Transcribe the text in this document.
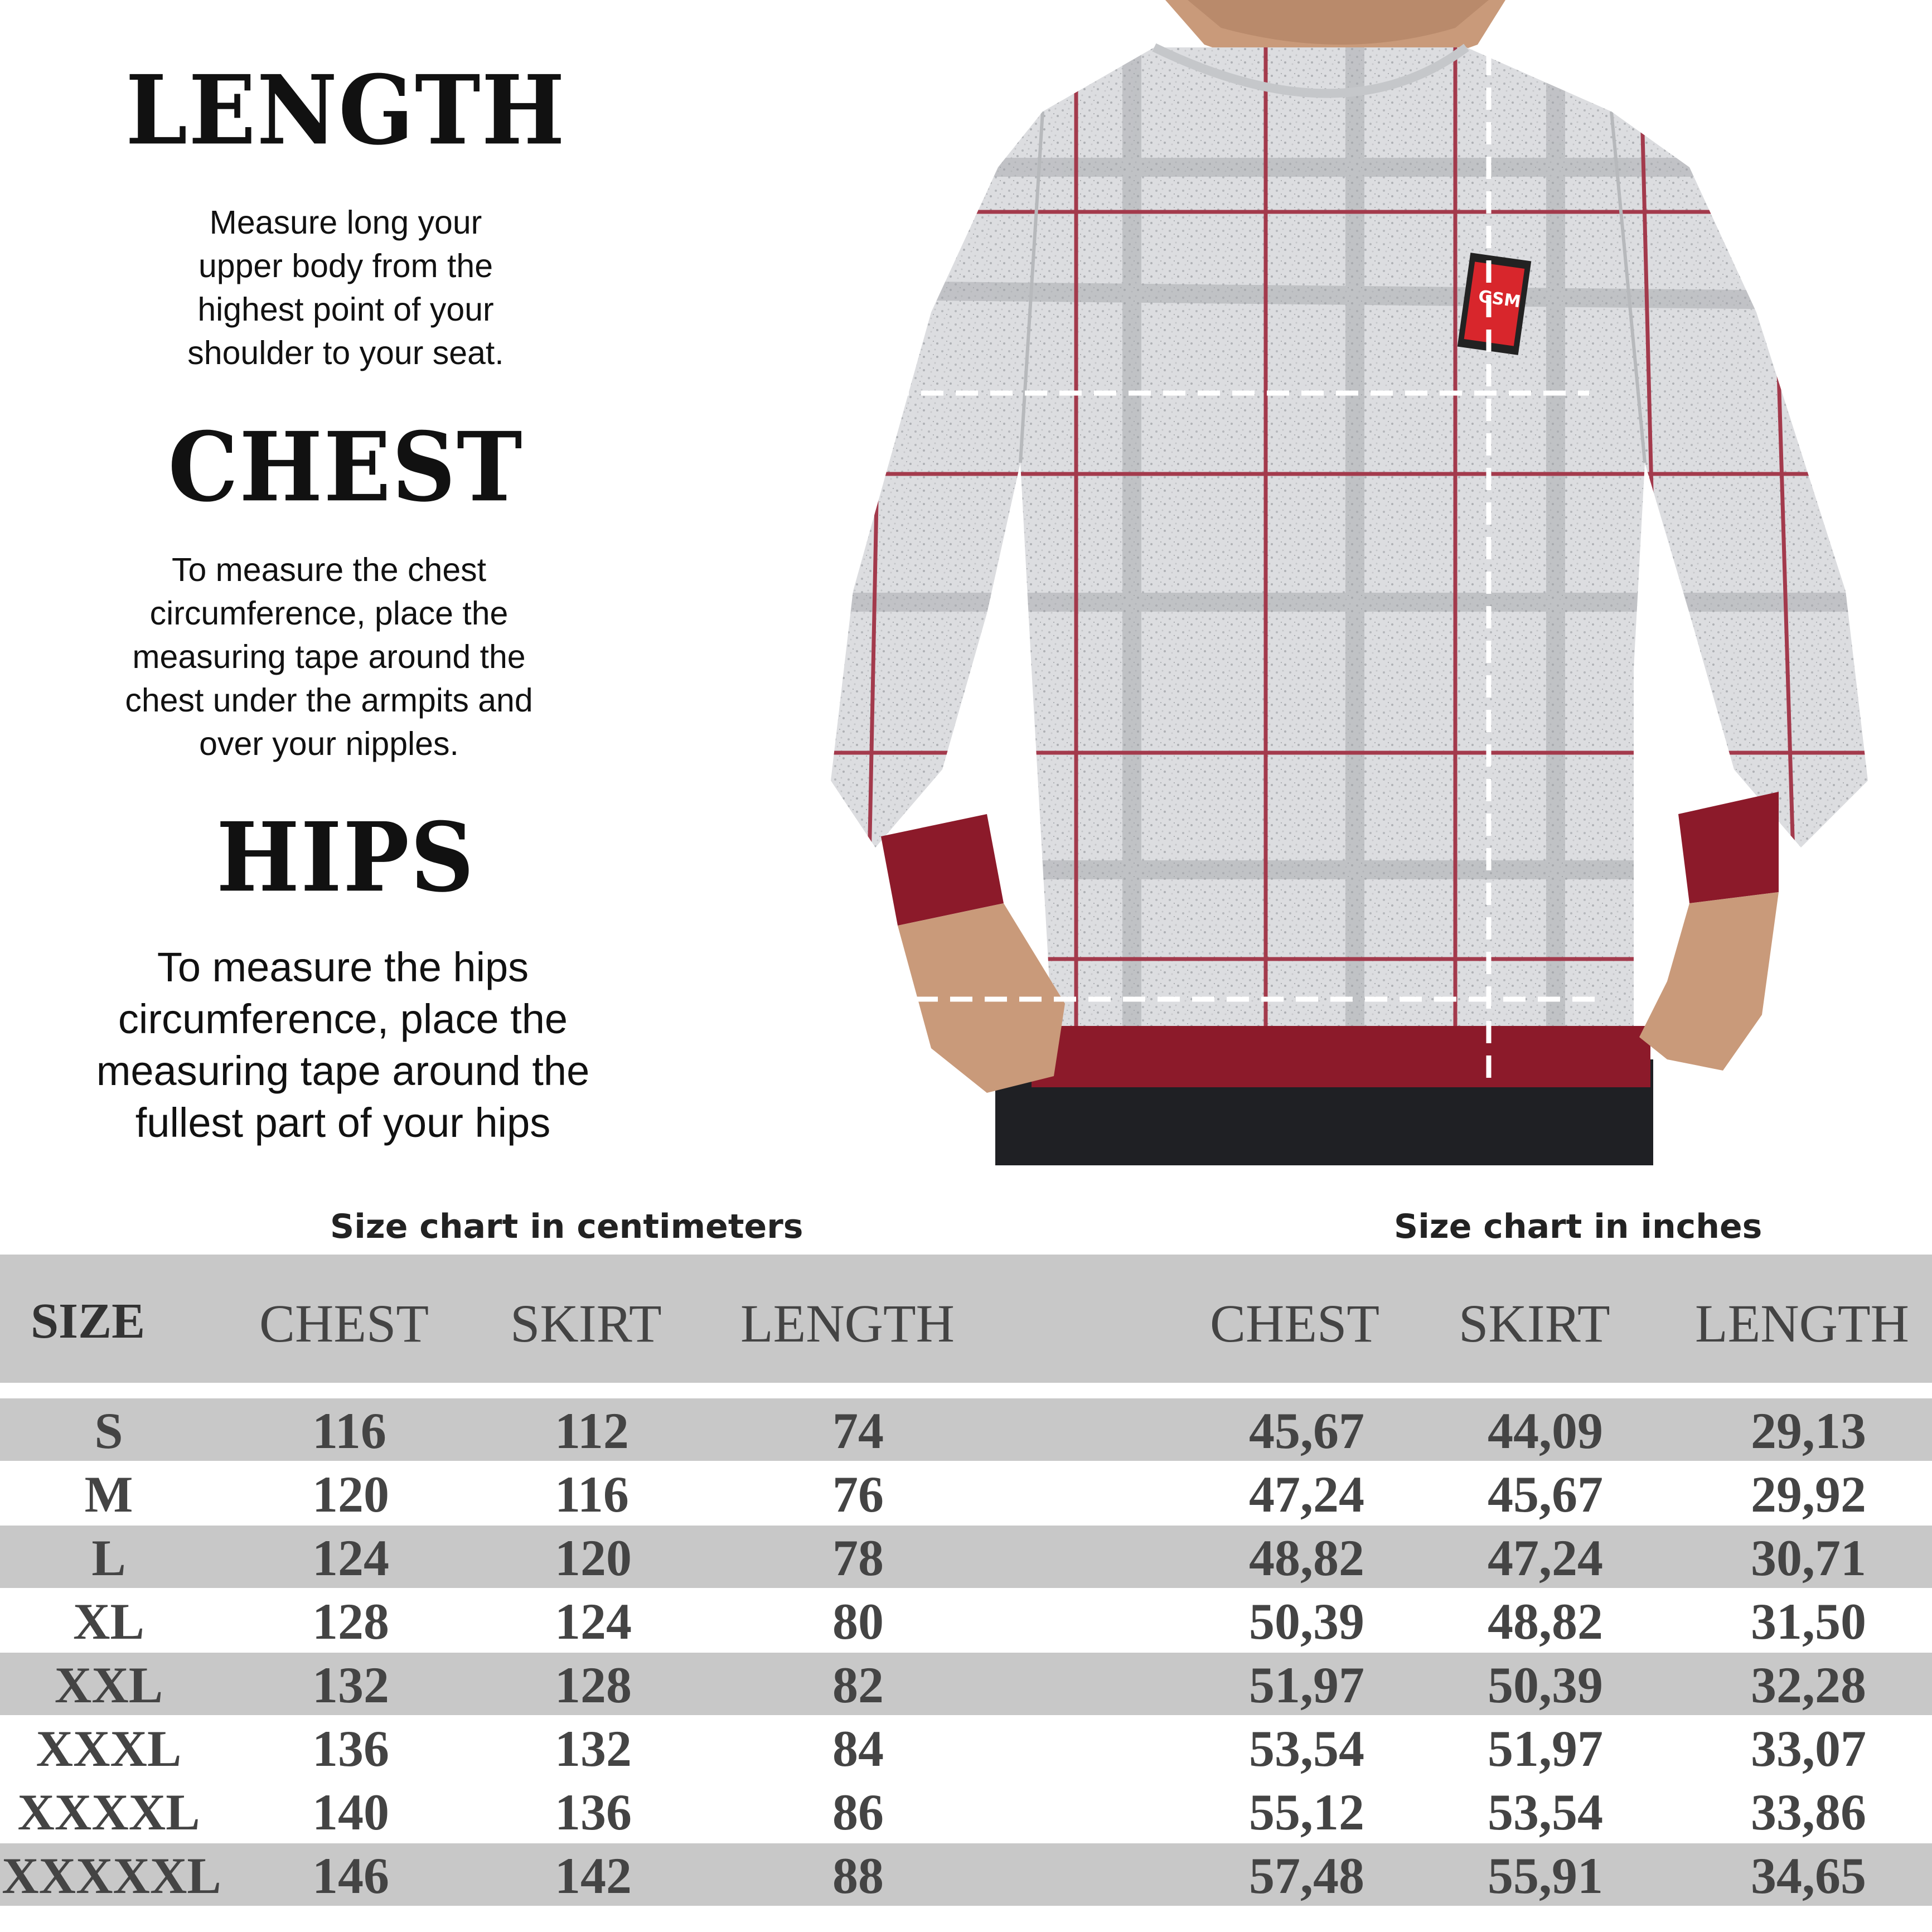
LENGTH
Measure long your
upper body from the
highest point of your
shoulder to your seat.
CHEST
To measure the chest
circumference, place the
measuring tape around the
chest under the armpits and
over your nipples.
HIPS
To measure the hips
circumference, place the
measuring tape around the
fullest part of your hips
GSM
Size chart in centimeters	Size chart in inches
SIZE CHEST SKIRT LENGTH	CHEST SKIRT LENGTH
S	116	112	74	45,67 44,09	29,13
M	120	116	76	47,24 45,67	29,92
L	124	120	78	48,82 47,24	30,71
XL	128	124	80	50,39 48,82	31,50
XXL	132	128	82	51,97 50,39	32,28
XXXL	136	132	84	53,54 51,97	33,07
XXXXL	140	136	86	55,12 53,54	33,86
XXXXXL 146	142	88	57,48 55,91	34,65
